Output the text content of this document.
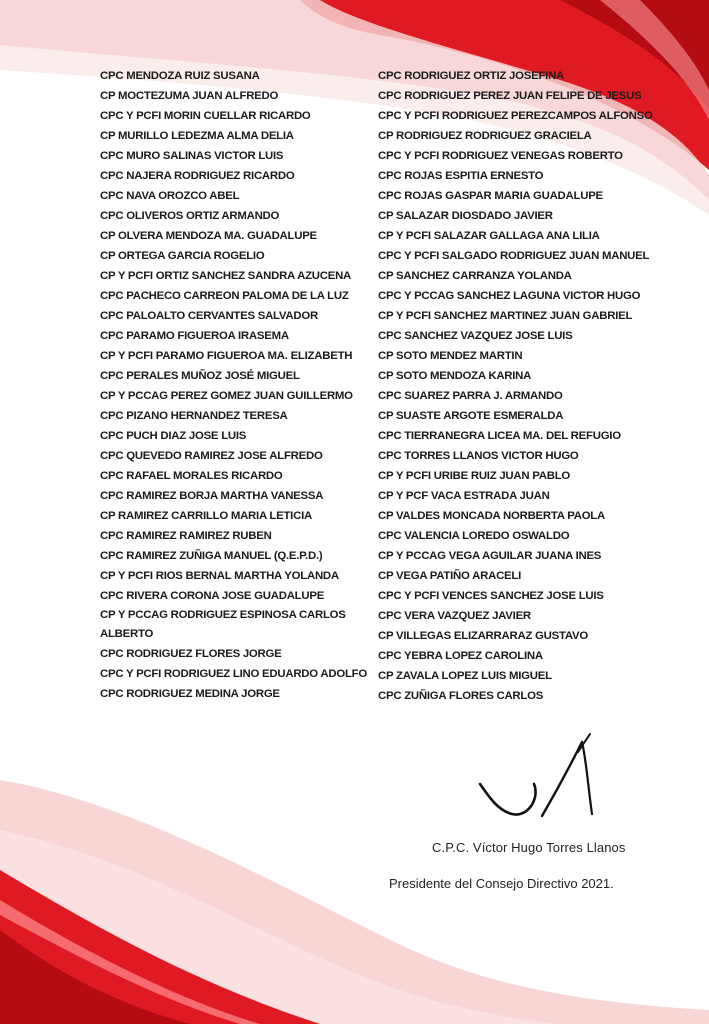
CPC MENDOZA RUIZ SUSANA
CP MOCTEZUMA JUAN ALFREDO
CPC Y PCFI MORIN CUELLAR RICARDO
CP MURILLO LEDEZMA ALMA DELIA
CPC MURO SALINAS VICTOR LUIS
CPC NAJERA RODRIGUEZ RICARDO
CPC NAVA OROZCO ABEL
CPC OLIVEROS ORTIZ ARMANDO
CP OLVERA MENDOZA MA. GUADALUPE
CP ORTEGA GARCIA ROGELIO
CP Y PCFI ORTIZ SANCHEZ SANDRA AZUCENA
CPC PACHECO CARREON PALOMA DE LA LUZ
CPC PALOALTO CERVANTES SALVADOR
CPC PARAMO FIGUEROA IRASEMA
CP Y PCFI PARAMO FIGUEROA MA. ELIZABETH
CPC PERALES MUÑOZ JOSÉ MIGUEL
CP Y PCCAG PEREZ GOMEZ JUAN GUILLERMO
CPC PIZANO HERNANDEZ TERESA
CPC PUCH DIAZ JOSE LUIS
CPC QUEVEDO RAMIREZ JOSE ALFREDO
CPC RAFAEL MORALES RICARDO
CPC RAMIREZ BORJA MARTHA VANESSA
CP RAMIREZ CARRILLO MARIA LETICIA
CPC RAMIREZ RAMIREZ RUBEN
CPC RAMIREZ ZUÑIGA MANUEL (Q.E.P.D.)
CP Y PCFI RIOS BERNAL MARTHA YOLANDA
CPC RIVERA CORONA JOSE GUADALUPE
CP Y PCCAG RODRIGUEZ ESPINOSA CARLOS ALBERTO
CPC RODRIGUEZ FLORES JORGE
CPC Y PCFI RODRIGUEZ LINO EDUARDO ADOLFO
CPC RODRIGUEZ MEDINA JORGE
CPC RODRIGUEZ ORTIZ JOSEFINA
CPC RODRIGUEZ PEREZ JUAN FELIPE DE JESUS
CPC Y PCFI RODRIGUEZ PEREZCAMPOS ALFONSO
CP RODRIGUEZ RODRIGUEZ GRACIELA
CPC Y PCFI RODRIGUEZ VENEGAS ROBERTO
CPC ROJAS ESPITIA ERNESTO
CPC ROJAS GASPAR MARIA GUADALUPE
CP SALAZAR DIOSDADO JAVIER
CP Y PCFI SALAZAR GALLAGA ANA LILIA
CPC Y PCFI SALGADO RODRIGUEZ JUAN MANUEL
CP SANCHEZ CARRANZA YOLANDA
CPC Y PCCAG SANCHEZ LAGUNA VICTOR HUGO
CP Y PCFI SANCHEZ MARTINEZ JUAN GABRIEL
CPC SANCHEZ VAZQUEZ JOSE LUIS
CP SOTO MENDEZ MARTIN
CP SOTO MENDOZA KARINA
CPC SUAREZ PARRA J. ARMANDO
CP SUASTE ARGOTE ESMERALDA
CPC TIERRANEGRA LICEA MA. DEL REFUGIO
CPC TORRES LLANOS VICTOR HUGO
CP Y PCFI URIBE RUIZ JUAN PABLO
CP Y PCF VACA ESTRADA JUAN
CP VALDES MONCADA NORBERTA PAOLA
CPC VALENCIA LOREDO OSWALDO
CP Y PCCAG VEGA AGUILAR JUANA INES
CP VEGA PATIÑO ARACELI
CPC Y PCFI VENCES SANCHEZ JOSE LUIS
CPC VERA VAZQUEZ JAVIER
CP VILLEGAS ELIZARRARAZ GUSTAVO
CPC YEBRA LOPEZ CAROLINA
CP ZAVALA LOPEZ LUIS MIGUEL
CPC ZUÑIGA FLORES CARLOS
C.P.C. Víctor Hugo Torres Llanos
Presidente del Consejo Directivo 2021.
